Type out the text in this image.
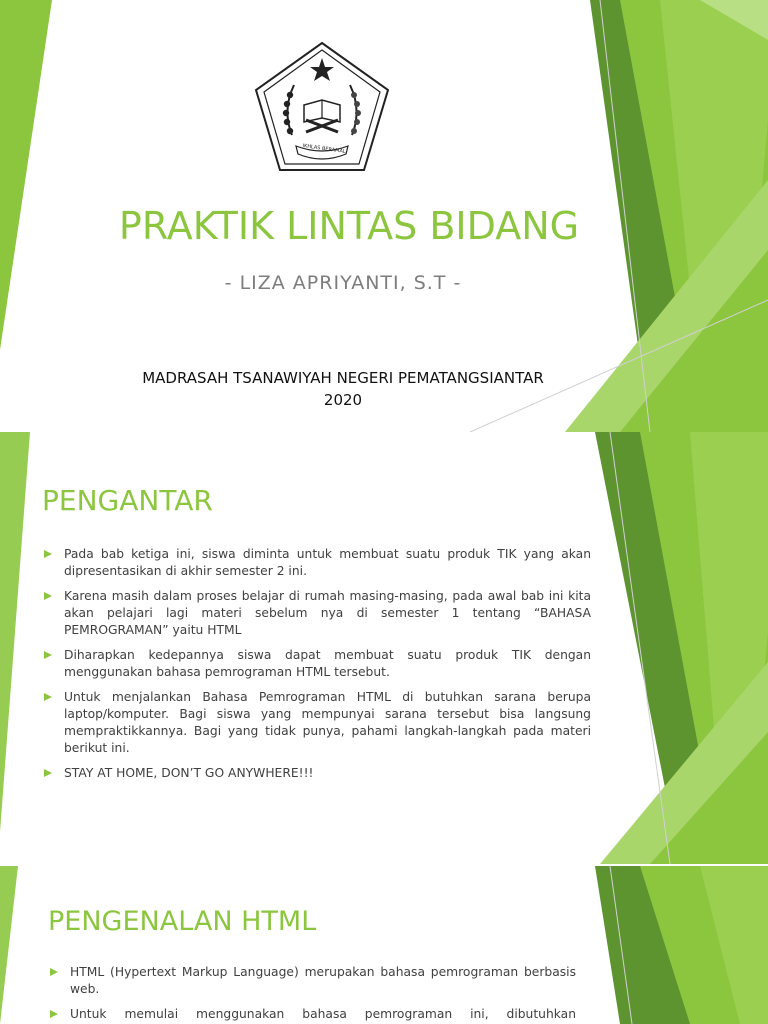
IKHLAS BERAMAL
PRAKTIK LINTAS BIDANG
- LIZA APRIYANTI, S.T -
MADRASAH TSANAWIYAH NEGERI PEMATANGSIANTAR
2020
PENGANTAR
Pada bab ketiga ini, siswa diminta untuk membuat suatu produk TIK yang akan dipresentasikan di akhir semester 2 ini.
Karena masih dalam proses belajar di rumah masing-masing, pada awal bab ini kita akan pelajari lagi materi sebelum nya di semester 1 tentang “BAHASA PEMROGRAMAN” yaitu HTML
Diharapkan kedepannya siswa dapat membuat suatu produk TIK dengan menggunakan bahasa pemrograman HTML tersebut.
Untuk menjalankan Bahasa Pemrograman HTML di butuhkan sarana berupa laptop/komputer. Bagi siswa yang mempunyai sarana tersebut bisa langsung mempraktikkannya. Bagi yang tidak punya, pahami langkah-langkah pada materi berikut ini.
STAY AT HOME, DON’T GO ANYWHERE!!!
PENGENALAN HTML
HTML (Hypertext Markup Language) merupakan bahasa pemrograman berbasis web.
Untuk memulai menggunakan bahasa pemrograman ini, dibutuhkan
